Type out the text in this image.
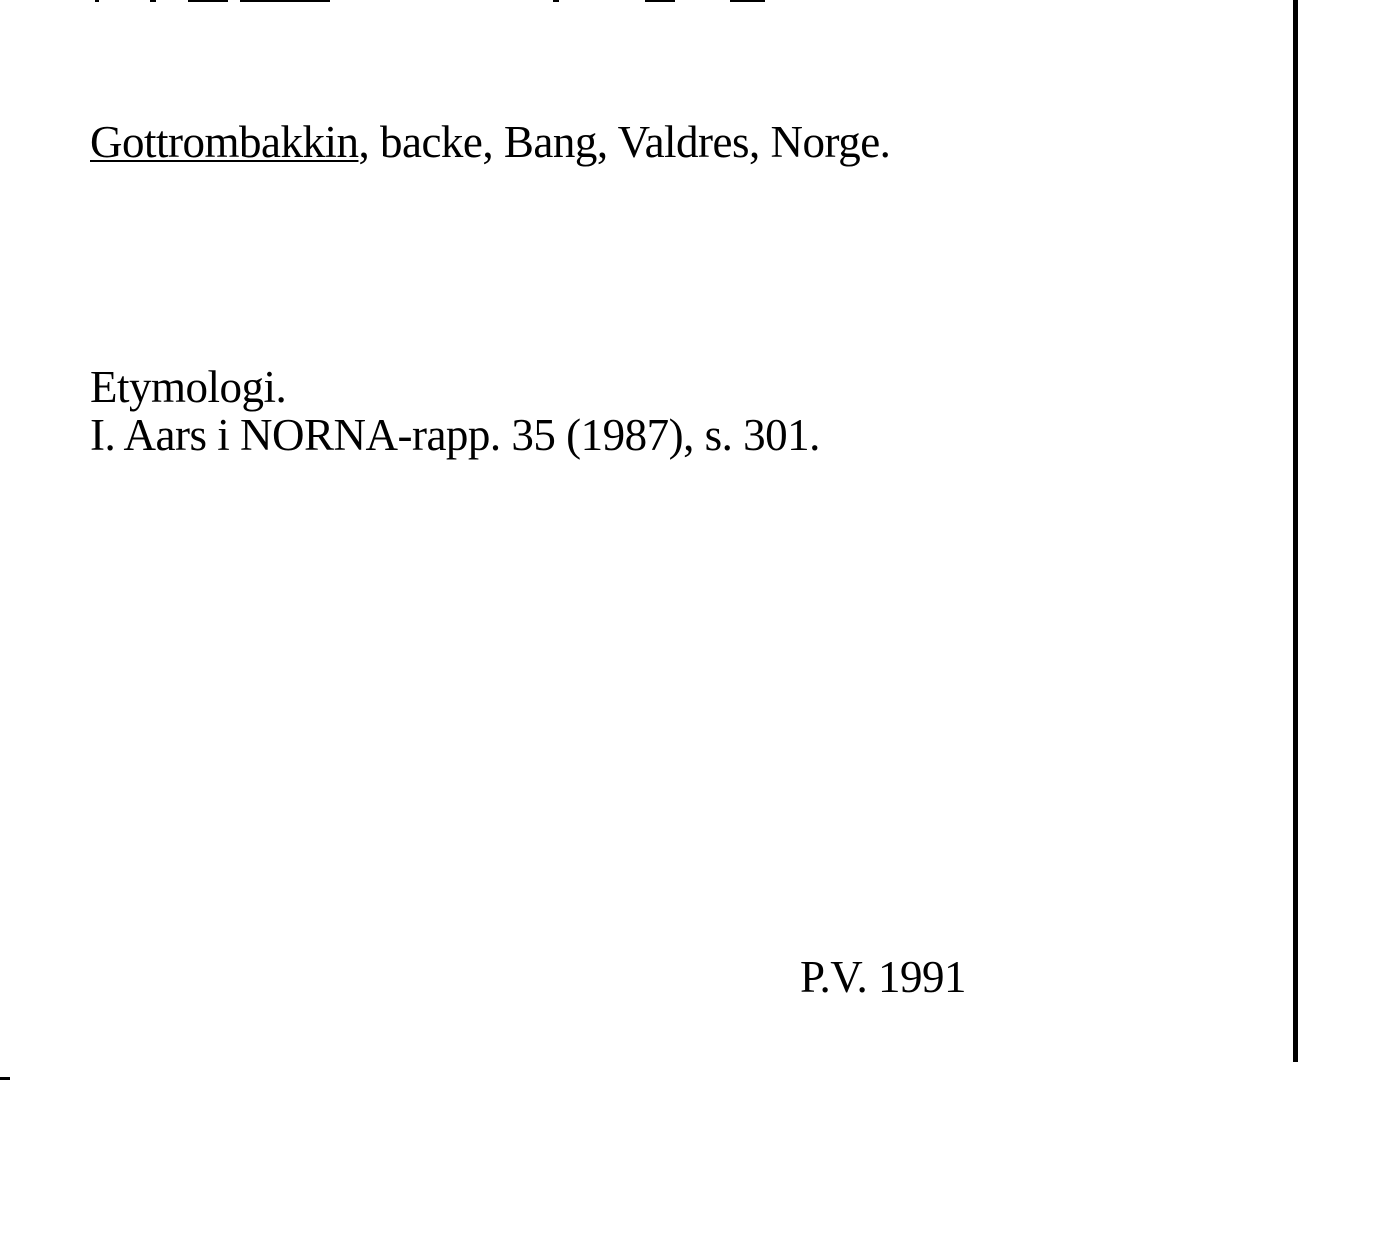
Gottrombakkin, backe, Bang, Valdres, Norge.

Etymologi.

I. Aars i NORNA-rapp. 35 (1987), s. 301.

P.V. 1991
